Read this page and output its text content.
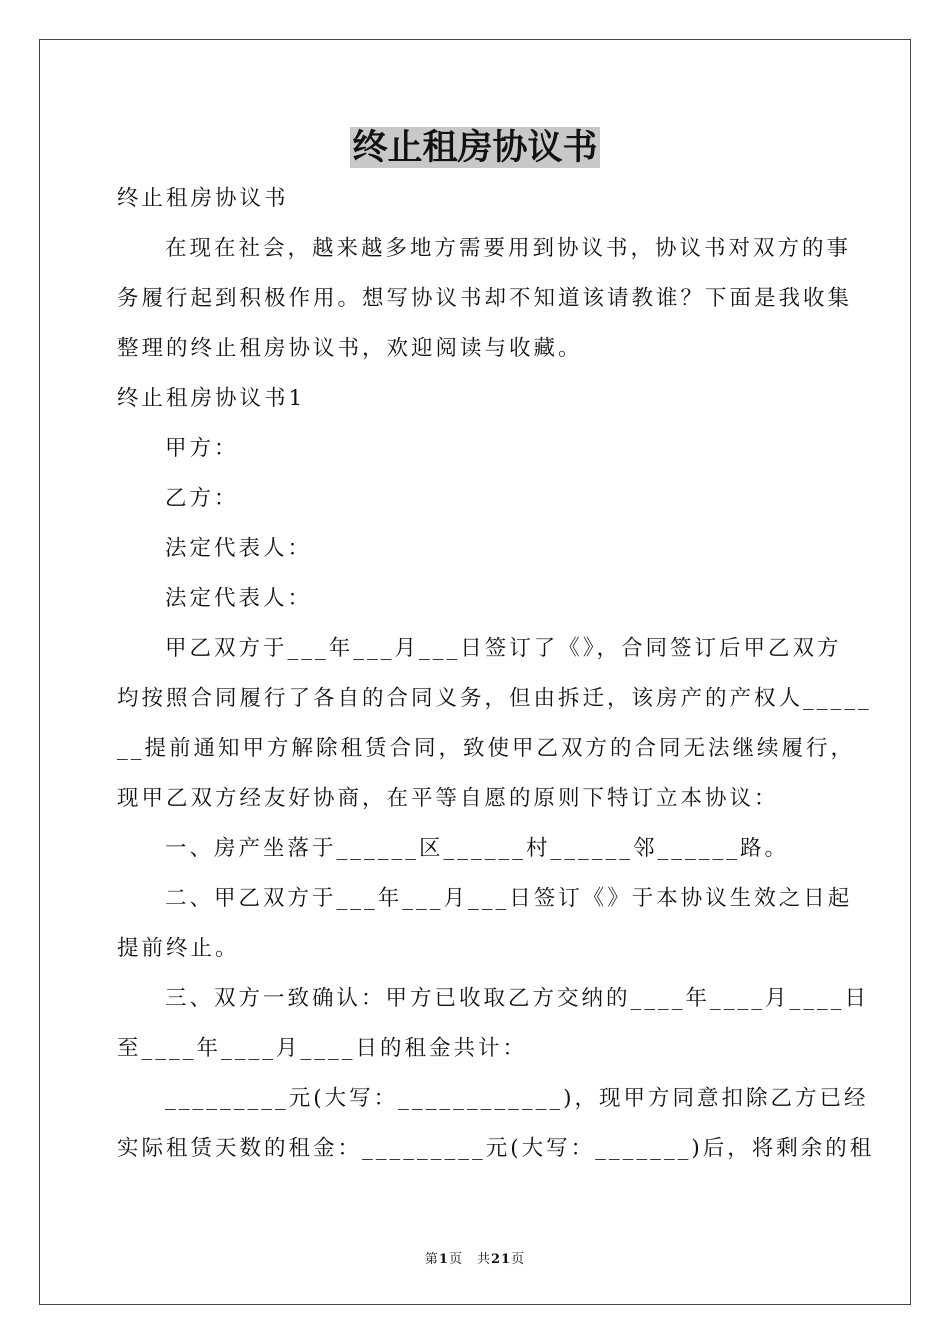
终止租房协议书
终止租房协议书
在现在社会，越来越多地方需要用到协议书，协议书对双方的事
务履行起到积极作用。想写协议书却不知道该请教谁？下面是我收集
整理的终止租房协议书，欢迎阅读与收藏。
终止租房协议书1
甲方：
乙方：
法定代表人：
法定代表人：
甲乙双方于___年___月___日签订了《》，合同签订后甲乙双方
均按照合同履行了各自的合同义务，但由拆迁，该房产的产权人_____
__提前通知甲方解除租赁合同，致使甲乙双方的合同无法继续履行，
现甲乙双方经友好协商，在平等自愿的原则下特订立本协议：
一、房产坐落于______区______村______邻______路。
二、甲乙双方于___年___月___日签订《》于本协议生效之日起
提前终止。
三、双方一致确认：甲方已收取乙方交纳的____年____月____日
至____年____月____日的租金共计：
_________元(大写：____________)，现甲方同意扣除乙方已经
实际租赁天数的租金：_________元(大写：_______)后，将剩余的租
第1页　共21页
